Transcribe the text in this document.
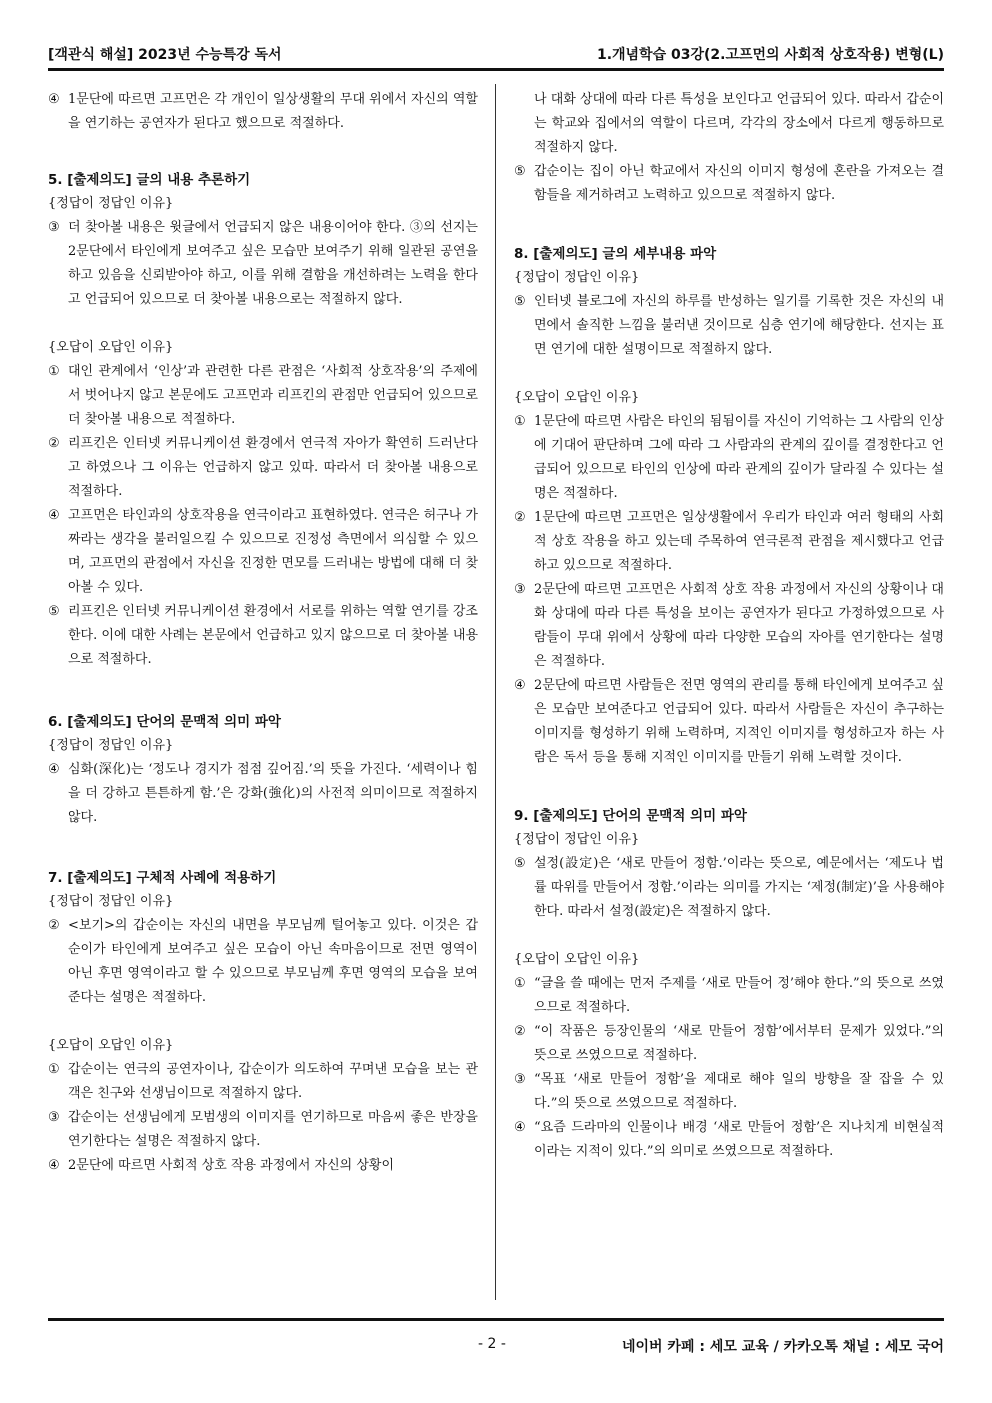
[객관식 해설] 2023년 수능특강 독서	1.개념학습 03강(2.고프먼의 사회적 상호작용) 변형(L)
④ 1문단에 따르면 고프먼은 각 개인이 일상생활의 무대 위에서 자신의 역할을 연기하는 공연자가 된다고 했으므로 적절하다.
5. [출제의도] 글의 내용 추론하기
{정답이 정답인 이유}
③ 더 찾아볼 내용은 윗글에서 언급되지 않은 내용이어야 한다. ③의 선지는 2문단에서 타인에게 보여주고 싶은 모습만 보여주기 위해 일관된 공연을 하고 있음을 신뢰받아야 하고, 이를 위해 결함을 개선하려는 노력을 한다고 언급되어 있으므로 더 찾아볼 내용으로는 적절하지 않다.
{오답이 오답인 이유}
① 대인 관계에서 ‘인상’과 관련한 다른 관점은 ‘사회적 상호작용’의 주제에서 벗어나지 않고 본문에도 고프먼과 리프킨의 관점만 언급되어 있으므로 더 찾아볼 내용으로 적절하다.
② 리프킨은 인터넷 커뮤니케이션 환경에서 연극적 자아가 확연히 드러난다고 하였으나 그 이유는 언급하지 않고 있따. 따라서 더 찾아볼 내용으로 적절하다.
④ 고프먼은 타인과의 상호작용을 연극이라고 표현하였다. 연극은 허구나 가짜라는 생각을 불러일으킬 수 있으므로 진정성 측면에서 의심할 수 있으며, 고프먼의 관점에서 자신을 진정한 면모를 드러내는 방법에 대해 더 찾아볼 수 있다.
⑤ 리프킨은 인터넷 커뮤니케이션 환경에서 서로를 위하는 역할 연기를 강조한다. 이에 대한 사례는 본문에서 언급하고 있지 않으므로 더 찾아볼 내용으로 적절하다.
6. [출제의도] 단어의 문맥적 의미 파악
{정답이 정답인 이유}
④ 심화(深化)는 ‘정도나 경지가 점점 깊어짐.’의 뜻을 가진다. ‘세력이나 힘을 더 강하고 튼튼하게 함.’은 강화(強化)의 사전적 의미이므로 적절하지 않다.
7. [출제의도] 구체적 사례에 적용하기
{정답이 정답인 이유}
② <보기>의 갑순이는 자신의 내면을 부모님께 털어놓고 있다. 이것은 갑순이가 타인에게 보여주고 싶은 모습이 아닌 속마음이므로 전면 영역이 아닌 후면 영역이라고 할 수 있으므로 부모님께 후면 영역의 모습을 보여준다는 설명은 적절하다.
{오답이 오답인 이유}
① 갑순이는 연극의 공연자이나, 갑순이가 의도하여 꾸며낸 모습을 보는 관객은 친구와 선생님이므로 적절하지 않다.
③ 갑순이는 선생님에게 모범생의 이미지를 연기하므로 마음씨 좋은 반장을 연기한다는 설명은 적절하지 않다.
④ 2문단에 따르면 사회적 상호 작용 과정에서 자신의 상황이
나 대화 상대에 따라 다른 특성을 보인다고 언급되어 있다. 따라서 갑순이는 학교와 집에서의 역할이 다르며, 각각의 장소에서 다르게 행동하므로 적절하지 않다.
⑤ 갑순이는 집이 아닌 학교에서 자신의 이미지 형성에 혼란을 가져오는 결함들을 제거하려고 노력하고 있으므로 적절하지 않다.
8. [출제의도] 글의 세부내용 파악
{정답이 정답인 이유}
⑤ 인터넷 블로그에 자신의 하루를 반성하는 일기를 기록한 것은 자신의 내면에서 솔직한 느낌을 불러낸 것이므로 심층 연기에 해당한다. 선지는 표면 연기에 대한 설명이므로 적절하지 않다.
{오답이 오답인 이유}
① 1문단에 따르면 사람은 타인의 됨됨이를 자신이 기억하는 그 사람의 인상에 기대어 판단하며 그에 따라 그 사람과의 관계의 깊이를 결정한다고 언급되어 있으므로 타인의 인상에 따라 관계의 깊이가 달라질 수 있다는 설명은 적절하다.
② 1문단에 따르면 고프먼은 일상생활에서 우리가 타인과 여러 형태의 사회적 상호 작용을 하고 있는데 주목하여 연극론적 관점을 제시했다고 언급하고 있으므로 적절하다.
③ 2문단에 따르면 고프먼은 사회적 상호 작용 과정에서 자신의 상황이나 대화 상대에 따라 다른 특성을 보이는 공연자가 된다고 가정하였으므로 사람들이 무대 위에서 상황에 따라 다양한 모습의 자아를 연기한다는 설명은 적절하다.
④ 2문단에 따르면 사람들은 전면 영역의 관리를 통해 타인에게 보여주고 싶은 모습만 보여준다고 언급되어 있다. 따라서 사람들은 자신이 추구하는 이미지를 형성하기 위해 노력하며, 지적인 이미지를 형성하고자 하는 사람은 독서 등을 통해 지적인 이미지를 만들기 위해 노력할 것이다.
9. [출제의도] 단어의 문맥적 의미 파악
{정답이 정답인 이유}
⑤ 설정(設定)은 ‘새로 만들어 정함.’이라는 뜻으로, 예문에서는 ‘제도나 법률 따위를 만들어서 정함.’이라는 의미를 가지는 ‘제정(制定)’을 사용해야 한다. 따라서 설정(設定)은 적절하지 않다.
{오답이 오답인 이유}
① “글을 쓸 때에는 먼저 주제를 ‘새로 만들어 정’해야 한다.”의 뜻으로 쓰였으므로 적절하다.
② “이 작품은 등장인물의 ‘새로 만들어 정함’에서부터 문제가 있었다.”의 뜻으로 쓰였으므로 적절하다.
③ “목표 ‘새로 만들어 정함’을 제대로 해야 일의 방향을 잘 잡을 수 있다.”의 뜻으로 쓰였으므로 적절하다.
④ “요즘 드라마의 인물이나 배경 ‘새로 만들어 정함’은 지나치게 비현실적이라는 지적이 있다.”의 의미로 쓰였으므로 적절하다.
- 2 -	네이버 카페 : 세모 교육 / 카카오톡 채널 : 세모 국어
